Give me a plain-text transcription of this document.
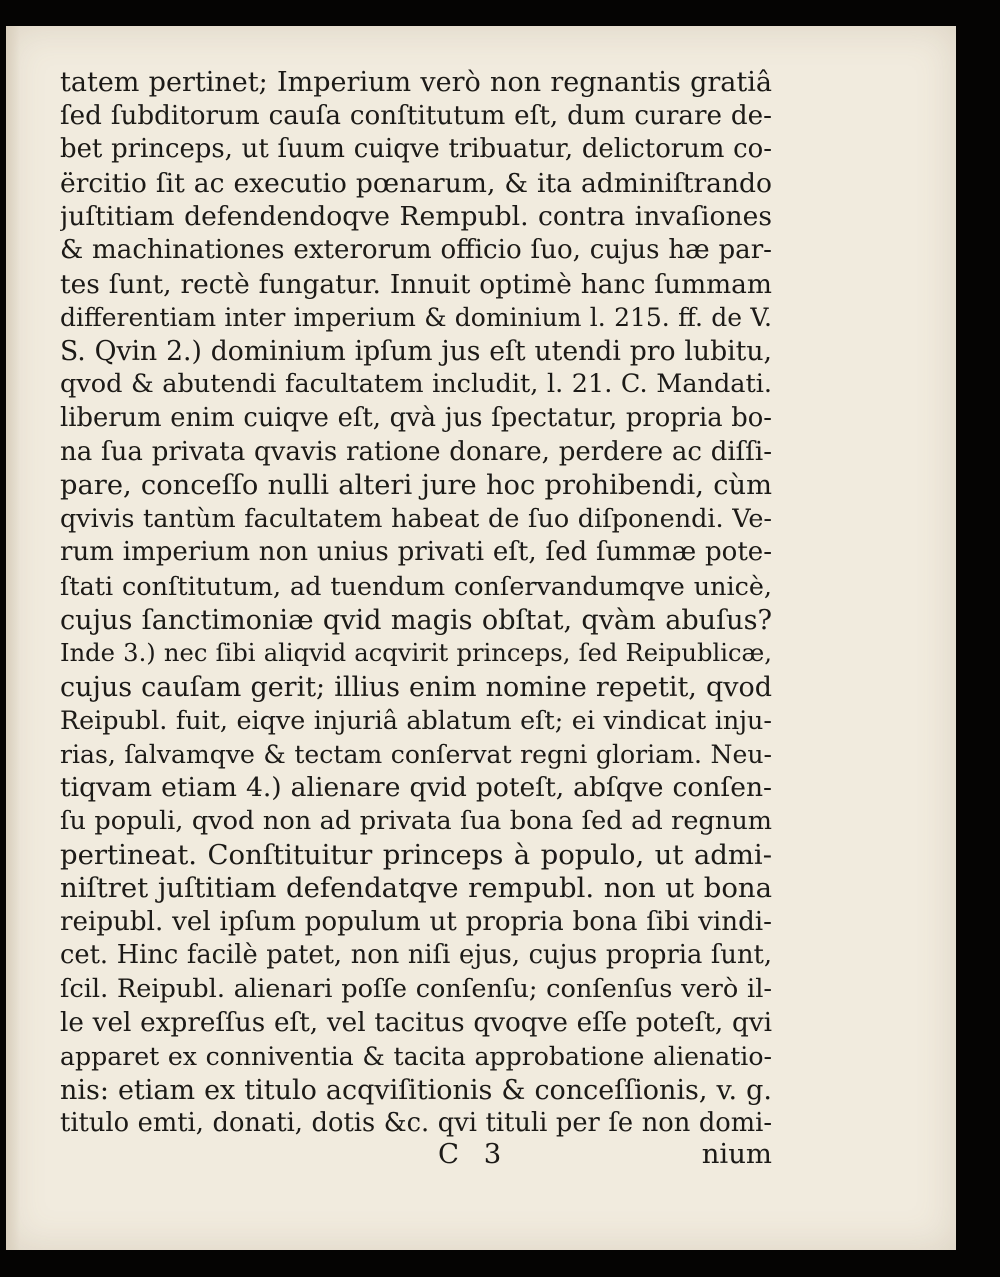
tatem pertinet; Imperium verò non regnantis gratiâ
ſed ſubditorum cauſa conſtitutum eſt, dum curare de-
bet princeps, ut ſuum cuiqve tribuatur, delictorum co-
ërcitio ſit ac executio pœnarum, & ita adminiſtrando
juſtitiam defendendoqve Rempubl. contra invaſiones
& machinationes exterorum officio ſuo, cujus hæ par-
tes ſunt, rectè fungatur. Innuit optimè hanc ſummam
differentiam inter imperium & dominium l. 215. ff. de V.
S. Qvin 2.) dominium ipſum jus eſt utendi pro lubitu,
qvod & abutendi facultatem includit, l. 21. C. Mandati.
liberum enim cuiqve eſt, qvà jus ſpectatur, propria bo-
na ſua privata qvavis ratione donare, perdere ac diſſi-
pare, conceſſo nulli alteri jure hoc prohibendi, cùm
qvivis tantùm facultatem habeat de ſuo diſponendi. Ve-
rum imperium non unius privati eſt, ſed ſummæ pote-
ſtati conſtitutum, ad tuendum conſervandumqve unicè,
cujus ſanctimoniæ qvid magis obſtat, qvàm abuſus?
Inde 3.) nec ſibi aliqvid acqvirit princeps, ſed Reipublicæ,
cujus cauſam gerit; illius enim nomine repetit, qvod
Reipubl. fuit, eiqve injuriâ ablatum eſt; ei vindicat inju-
rias, ſalvamqve & tectam conſervat regni gloriam. Neu-
tiqvam etiam 4.) alienare qvid poteſt, abſqve conſen-
ſu populi, qvod non ad privata ſua bona ſed ad regnum
pertineat. Conſtituitur princeps à populo, ut admi-
niſtret juſtitiam defendatqve rempubl. non ut bona
reipubl. vel ipſum populum ut propria bona ſibi vindi-
cet. Hinc facilè patet, non niſi ejus, cujus propria ſunt,
ſcil. Reipubl. alienari poſſe conſenſu; conſenſus verò il-
le vel expreſſus eſt, vel tacitus qvoqve eſſe poteſt, qvi
apparet ex conniventia & tacita approbatione alienatio-
nis: etiam ex titulo acqviſitionis & conceſſionis, v. g.
titulo emti, donati, dotis &c. qvi tituli per ſe non domi-
C 3	nium
